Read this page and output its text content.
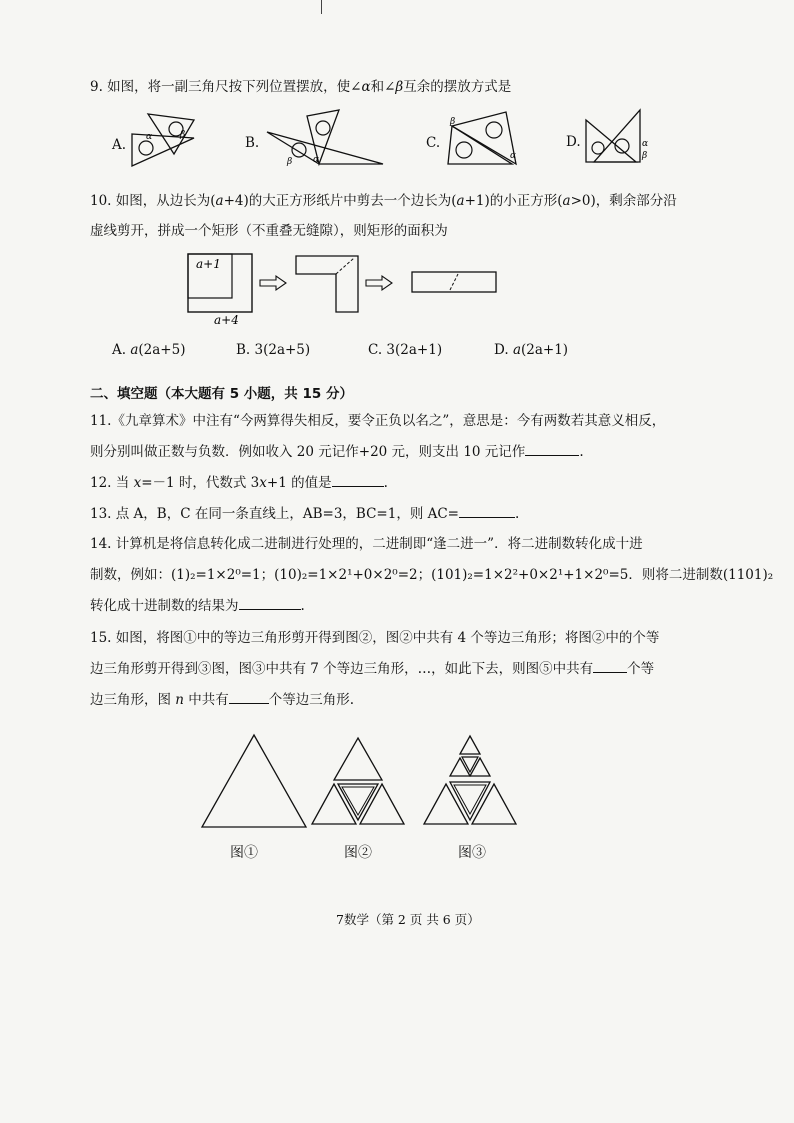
9. 如图，将一副三角尺按下列位置摆放，使∠α和∠β互余的摆放方式是
A.	B.	C.	D.
α	β
α
β
β
α
α
β
10. 如图，从边长为(a+4)的大正方形纸片中剪去一个边长为(a+1)的小正方形(a>0)，剩余部分沿
虚线剪开，拼成一个矩形（不重叠无缝隙），则矩形的面积为
a+1
a+4
A. a(2a+5)	B. 3(2a+5)	C. 3(2a+1)	D. a(2a+1)
二、填空题（本大题有 5 小题，共 15 分）
11.《九章算术》中注有“今两算得失相反，要令正负以名之”，意思是：今有两数若其意义相反，
则分别叫做正数与负数．例如收入 20 元记作+20 元，则支出 10 元记作	.
12. 当 x=－1 时，代数式 3x+1 的值是	.
13. 点 A，B，C 在同一条直线上，AB=3，BC=1，则 AC=	.
14. 计算机是将信息转化成二进制进行处理的，二进制即“逢二进一”．将二进制数转化成十进
制数，例如：(1)₂=1×2⁰=1；(10)₂=1×2¹+0×2⁰=2；(101)₂=1×2²+0×2¹+1×2⁰=5．则将二进制数(1101)₂
转化成十进制数的结果为	.
15. 如图，将图①中的等边三角形剪开得到图②，图②中共有 4 个等边三角形；将图②中的个等
边三角形剪开得到③图，图③中共有 7 个等边三角形，…，如此下去，则图⑤中共有	个等
边三角形，图 n 中共有	个等边三角形.
图①	图②	图③
7数学（第 2 页 共 6 页）
